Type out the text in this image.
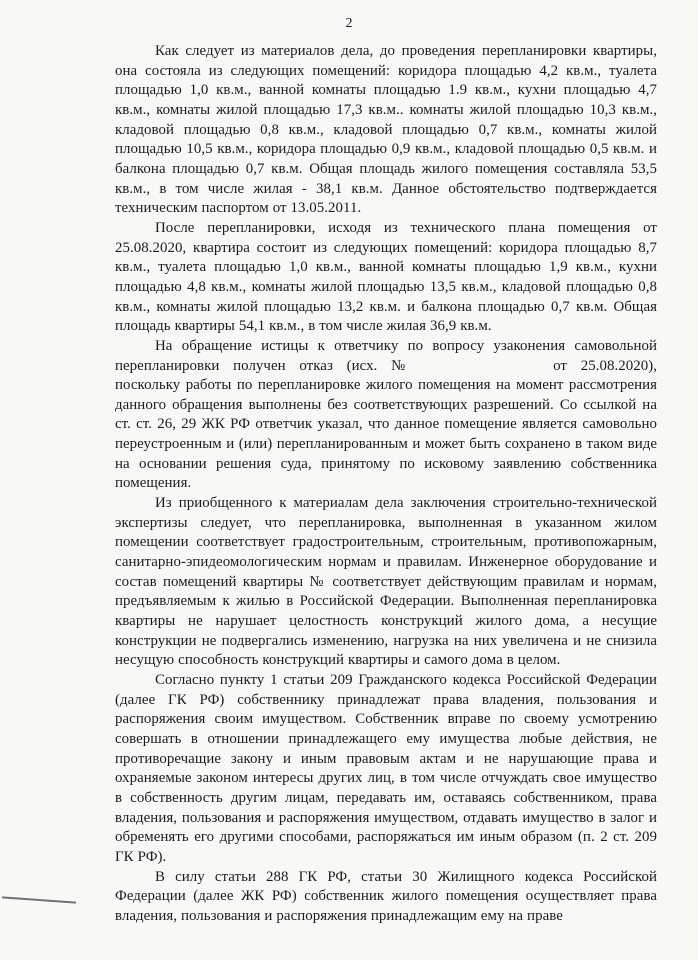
2

Как следует из материалов дела, до проведения перепланировки квартиры, она состояла из следующих помещений: коридора площадью 4,2 кв.м., туалета площадью 1,0 кв.м., ванной комнаты площадью 1.9 кв.м., кухни площадью 4,7 кв.м., комнаты жилой площадью 17,3 кв.м.. комнаты жилой площадью 10,3 кв.м., кладовой площадью 0,8 кв.м., кладовой площадью 0,7 кв.м., комнаты жилой площадью 10,5 кв.м., коридора площадью 0,9 кв.м., кладовой площадью 0,5 кв.м. и балкона площадью 0,7 кв.м. Общая площадь жилого помещения составляла 53,5 кв.м., в том числе жилая - 38,1 кв.м. Данное обстоятельство подтверждается техническим паспортом от 13.05.2011.

После перепланировки, исходя из технического плана помещения от 25.08.2020, квартира состоит из следующих помещений: коридора площадью 8,7 кв.м., туалета площадью 1,0 кв.м., ванной комнаты площадью 1,9 кв.м., кухни площадью 4,8 кв.м., комнаты жилой площадью 13,5 кв.м., кладовой площадью 0,8 кв.м., комнаты жилой площадью 13,2 кв.м. и балкона площадью 0,7 кв.м. Общая площадь квартиры 54,1 кв.м., в том числе жилая 36,9 кв.м.

На обращение истицы к ответчику по вопросу узаконения самовольной перепланировки получен отказ (исх. №	от 25.08.2020), поскольку работы по перепланировке жилого помещения на момент рассмотрения данного обращения выполнены без соответствующих разрешений. Со ссылкой на ст. ст. 26, 29 ЖК РФ ответчик указал, что данное помещение является самовольно переустроенным и (или) перепланированным и может быть сохранено в таком виде на основании решения суда, принятому по исковому заявлению собственника помещения.

Из приобщенного к материалам дела заключения строительно-технической экспертизы следует, что перепланировка, выполненная в указанном жилом помещении соответствует градостроительным, строительным, противопожарным, санитарно-эпидеомологическим нормам и правилам. Инженерное оборудование и состав помещений квартиры № соответствует действующим правилам и нормам, предъявляемым к жилью в Российской Федерации. Выполненная перепланировка квартиры не нарушает целостность конструкций жилого дома, а несущие конструкции не подвергались изменению, нагрузка на них увеличена и не снизила несущую способность конструкций квартиры и самого дома в целом.

Согласно пункту 1 статьи 209 Гражданского кодекса Российской Федерации (далее ГК РФ) собственнику принадлежат права владения, пользования и распоряжения своим имуществом. Собственник вправе по своему усмотрению совершать в отношении принадлежащего ему имущества любые действия, не противоречащие закону и иным правовым актам и не нарушающие права и охраняемые законом интересы других лиц, в том числе отчуждать свое имущество в собственность другим лицам, передавать им, оставаясь собственником, права владения, пользования и распоряжения имуществом, отдавать имущество в залог и обременять его другими способами, распоряжаться им иным образом (п. 2 ст. 209 ГК РФ).

В силу статьи 288 ГК РФ, статьи 30 Жилищного кодекса Российской Федерации (далее ЖК РФ) собственник жилого помещения осуществляет права владения, пользования и распоряжения принадлежащим ему на праве
